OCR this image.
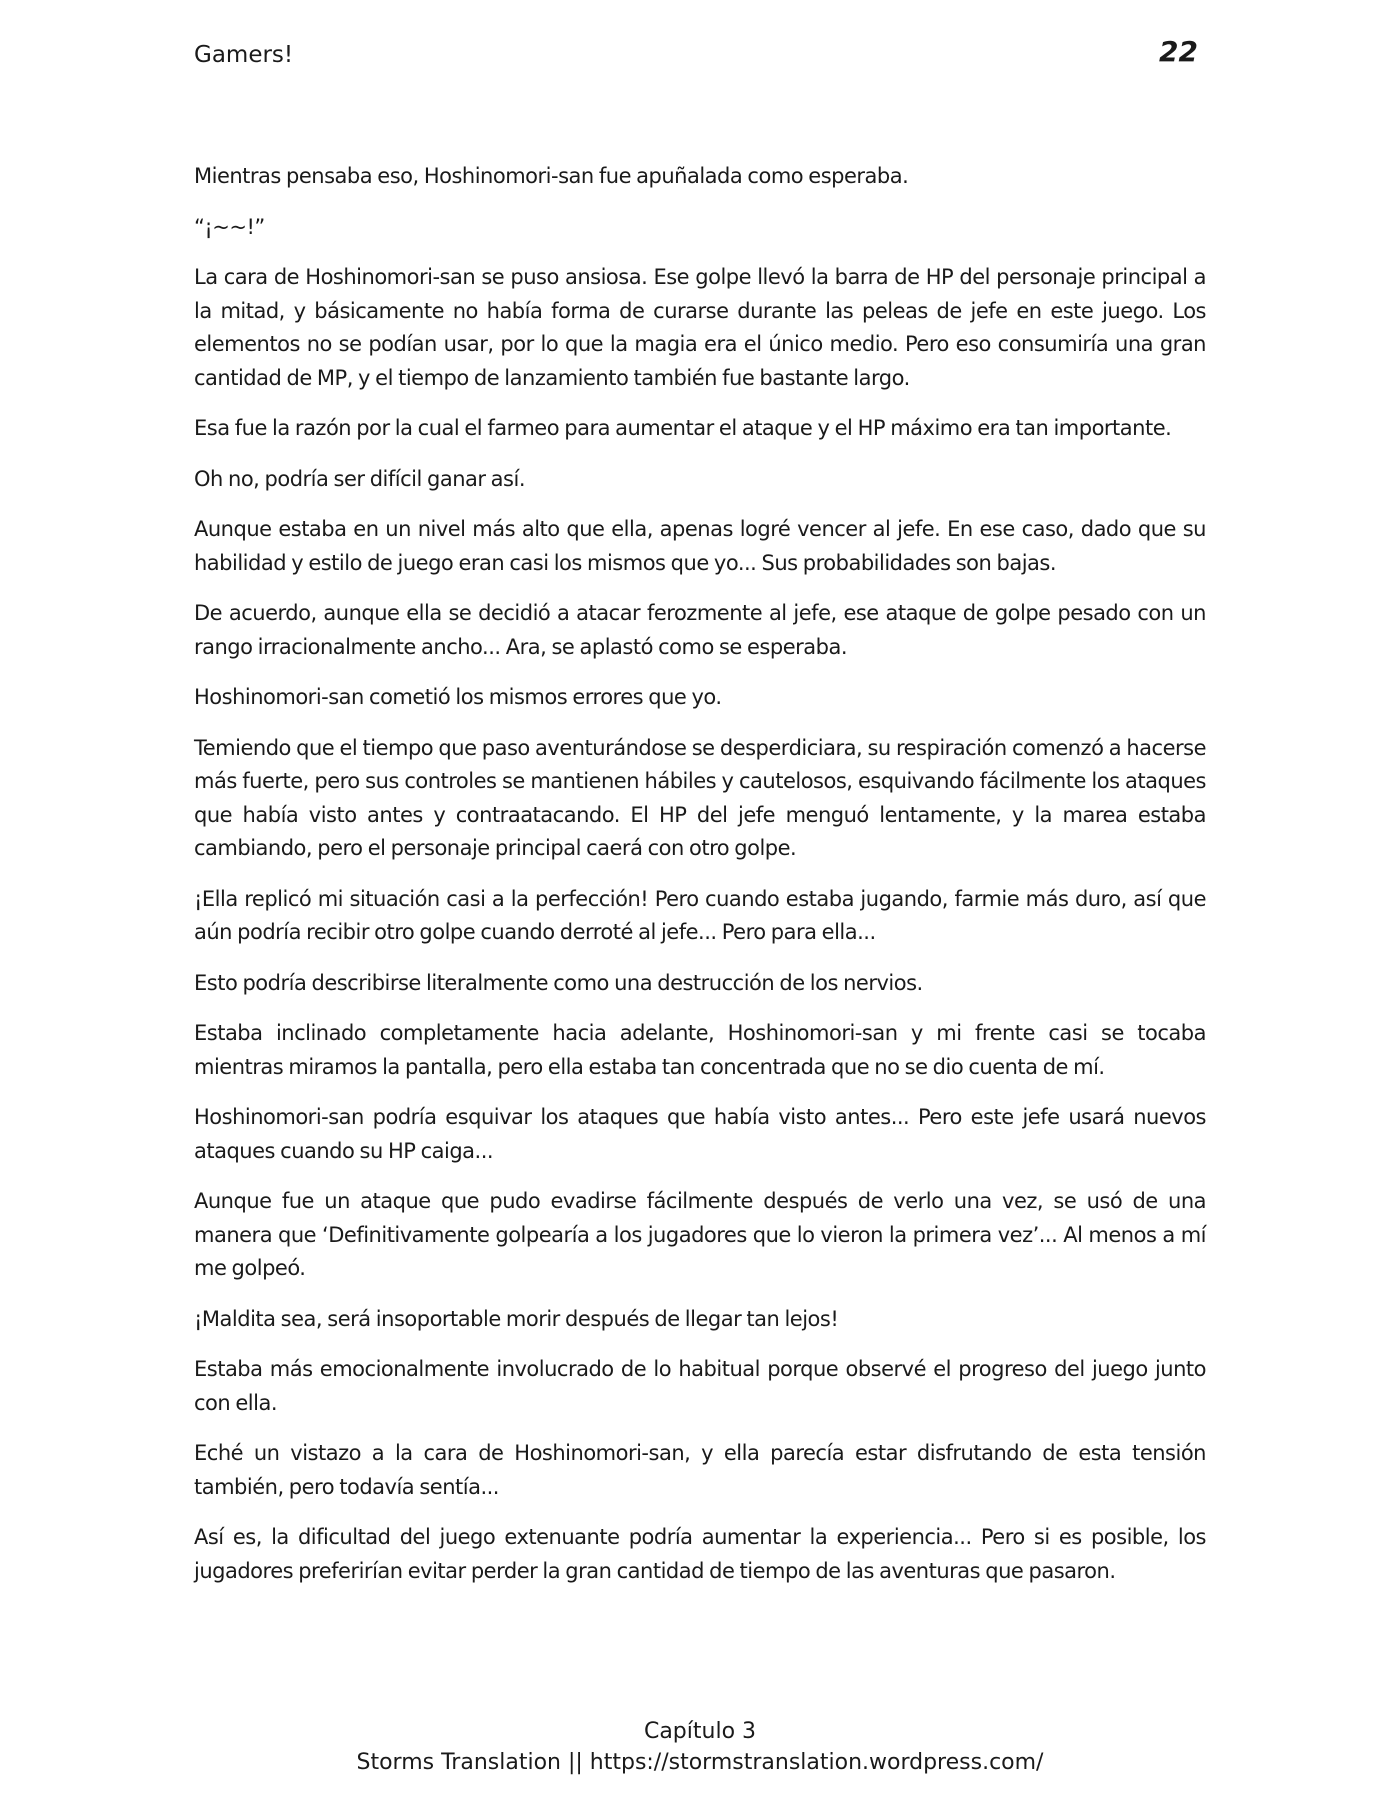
Gamers!	22

Mientras pensaba eso, Hoshinomori-san fue apuñalada como esperaba.

“¡~~!”

La cara de Hoshinomori-san se puso ansiosa. Ese golpe llevó la barra de HP del personaje principal a la mitad, y básicamente no había forma de curarse durante las peleas de jefe en este juego. Los elementos no se podían usar, por lo que la magia era el único medio. Pero eso consumiría una gran cantidad de MP, y el tiempo de lanzamiento también fue bastante largo.

Esa fue la razón por la cual el farmeo para aumentar el ataque y el HP máximo era tan importante.

Oh no, podría ser difícil ganar así.

Aunque estaba en un nivel más alto que ella, apenas logré vencer al jefe. En ese caso, dado que su habilidad y estilo de juego eran casi los mismos que yo... Sus probabilidades son bajas.

De acuerdo, aunque ella se decidió a atacar ferozmente al jefe, ese ataque de golpe pesado con un rango irracionalmente ancho... Ara, se aplastó como se esperaba.

Hoshinomori-san cometió los mismos errores que yo.

Temiendo que el tiempo que paso aventurándose se desperdiciara, su respiración comenzó a hacerse más fuerte, pero sus controles se mantienen hábiles y cautelosos, esquivando fácilmente los ataques que había visto antes y contraatacando. El HP del jefe menguó lentamente, y la marea estaba cambiando, pero el personaje principal caerá con otro golpe.

¡Ella replicó mi situación casi a la perfección! Pero cuando estaba jugando, farmie más duro, así que aún podría recibir otro golpe cuando derroté al jefe... Pero para ella...

Esto podría describirse literalmente como una destrucción de los nervios.

Estaba inclinado completamente hacia adelante, Hoshinomori-san y mi frente casi se tocaba mientras miramos la pantalla, pero ella estaba tan concentrada que no se dio cuenta de mí.

Hoshinomori-san podría esquivar los ataques que había visto antes... Pero este jefe usará nuevos ataques cuando su HP caiga...

Aunque fue un ataque que pudo evadirse fácilmente después de verlo una vez, se usó de una manera que ‘Definitivamente golpearía a los jugadores que lo vieron la primera vez’... Al menos a mí me golpeó.

¡Maldita sea, será insoportable morir después de llegar tan lejos!

Estaba más emocionalmente involucrado de lo habitual porque observé el progreso del juego junto con ella.

Eché un vistazo a la cara de Hoshinomori-san, y ella parecía estar disfrutando de esta tensión también, pero todavía sentía...

Así es, la dificultad del juego extenuante podría aumentar la experiencia... Pero si es posible, los jugadores preferirían evitar perder la gran cantidad de tiempo de las aventuras que pasaron.

Capítulo 3
Storms Translation || https://stormstranslation.wordpress.com/
